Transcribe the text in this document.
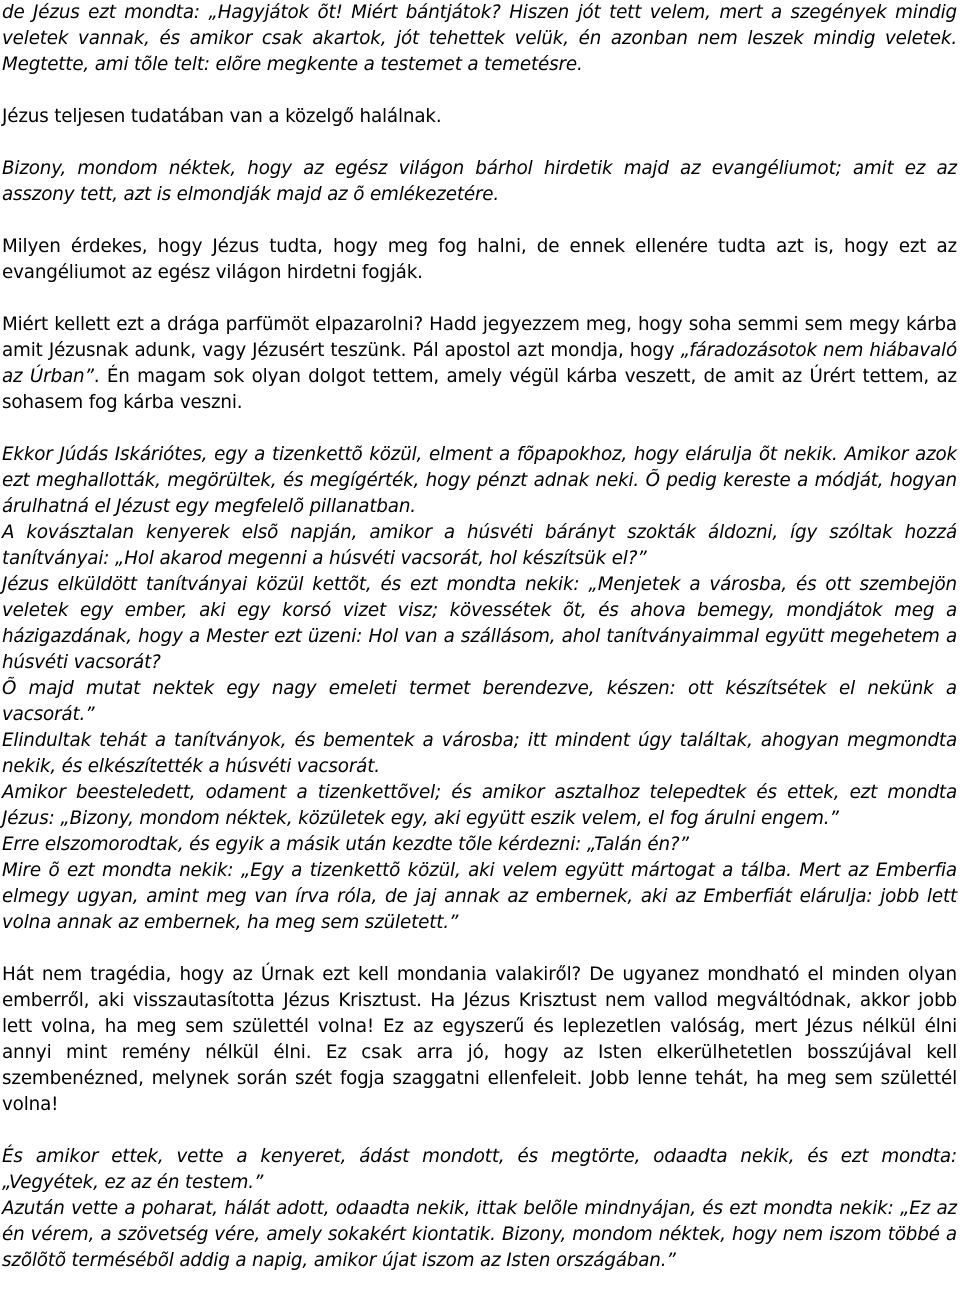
de Jézus ezt mondta: „Hagyjátok õt! Miért bántjátok? Hiszen jót tett velem, mert a szegények mindig veletek vannak, és amikor csak akartok, jót tehettek velük, én azonban nem leszek mindig veletek. Megtette, ami tõle telt: elõre megkente a testemet a temetésre.

Jézus teljesen tudatában van a közelgő halálnak.

Bizony, mondom néktek, hogy az egész világon bárhol hirdetik majd az evangéliumot; amit ez az asszony tett, azt is elmondják majd az õ emlékezetére.

Milyen érdekes, hogy Jézus tudta, hogy meg fog halni, de ennek ellenére tudta azt is, hogy ezt az evangéliumot az egész világon hirdetni fogják.

Miért kellett ezt a drága parfümöt elpazarolni? Hadd jegyezzem meg, hogy soha semmi sem megy kárba amit Jézusnak adunk, vagy Jézusért teszünk. Pál apostol azt mondja, hogy „fáradozásotok nem hiábavaló az Úrban”. Én magam sok olyan dolgot tettem, amely végül kárba veszett, de amit az Úrért tettem, az sohasem fog kárba veszni.

Ekkor Júdás Iskáriótes, egy a tizenkettõ közül, elment a fõpapokhoz, hogy elárulja õt nekik. Amikor azok ezt meghallották, megörültek, és megígérték, hogy pénzt adnak neki. Õ pedig kereste a módját, hogyan árulhatná el Jézust egy megfelelõ pillanatban.

A kovásztalan kenyerek elsõ napján, amikor a húsvéti bárányt szokták áldozni, így szóltak hozzá tanítványai: „Hol akarod megenni a húsvéti vacsorát, hol készítsük el?”

Jézus elküldött tanítványai közül kettõt, és ezt mondta nekik: „Menjetek a városba, és ott szembejön veletek egy ember, aki egy korsó vizet visz; kövessétek õt, és ahova bemegy, mondjátok meg a házigazdának, hogy a Mester ezt üzeni: Hol van a szállásom, ahol tanítványaimmal együtt megehetem a húsvéti vacsorát?

Õ majd mutat nektek egy nagy emeleti termet berendezve, készen: ott készítsétek el nekünk a vacsorát.”

Elindultak tehát a tanítványok, és bementek a városba; itt mindent úgy találtak, ahogyan megmondta nekik, és elkészítették a húsvéti vacsorát.

Amikor beesteledett, odament a tizenkettõvel; és amikor asztalhoz telepedtek és ettek, ezt mondta Jézus: „Bizony, mondom néktek, közületek egy, aki együtt eszik velem, el fog árulni engem.”

Erre elszomorodtak, és egyik a másik után kezdte tõle kérdezni: „Talán én?”

Mire õ ezt mondta nekik: „Egy a tizenkettõ közül, aki velem együtt mártogat a tálba. Mert az Emberfia elmegy ugyan, amint meg van írva róla, de jaj annak az embernek, aki az Emberfiát elárulja: jobb lett volna annak az embernek, ha meg sem született.”

Hát nem tragédia, hogy az Úrnak ezt kell mondania valakiről? De ugyanez mondható el minden olyan emberről, aki visszautasította Jézus Krisztust. Ha Jézus Krisztust nem vallod megváltódnak, akkor jobb lett volna, ha meg sem születtél volna! Ez az egyszerű és leplezetlen valóság, mert Jézus nélkül élni annyi mint remény nélkül élni. Ez csak arra jó, hogy az Isten elkerülhetetlen bosszújával kell szembenézned, melynek során szét fogja szaggatni ellenfeleit. Jobb lenne tehát, ha meg sem születtél volna!

És amikor ettek, vette a kenyeret, ádást mondott, és megtörte, odaadta nekik, és ezt mondta: „Vegyétek, ez az én testem.”

Azután vette a poharat, hálát adott, odaadta nekik, ittak belõle mindnyájan, és ezt mondta nekik: „Ez az én vérem, a szövetség vére, amely sokakért kiontatik. Bizony, mondom néktek, hogy nem iszom többé a szõlõtõ termésébõl addig a napig, amikor újat iszom az Isten országában.”
